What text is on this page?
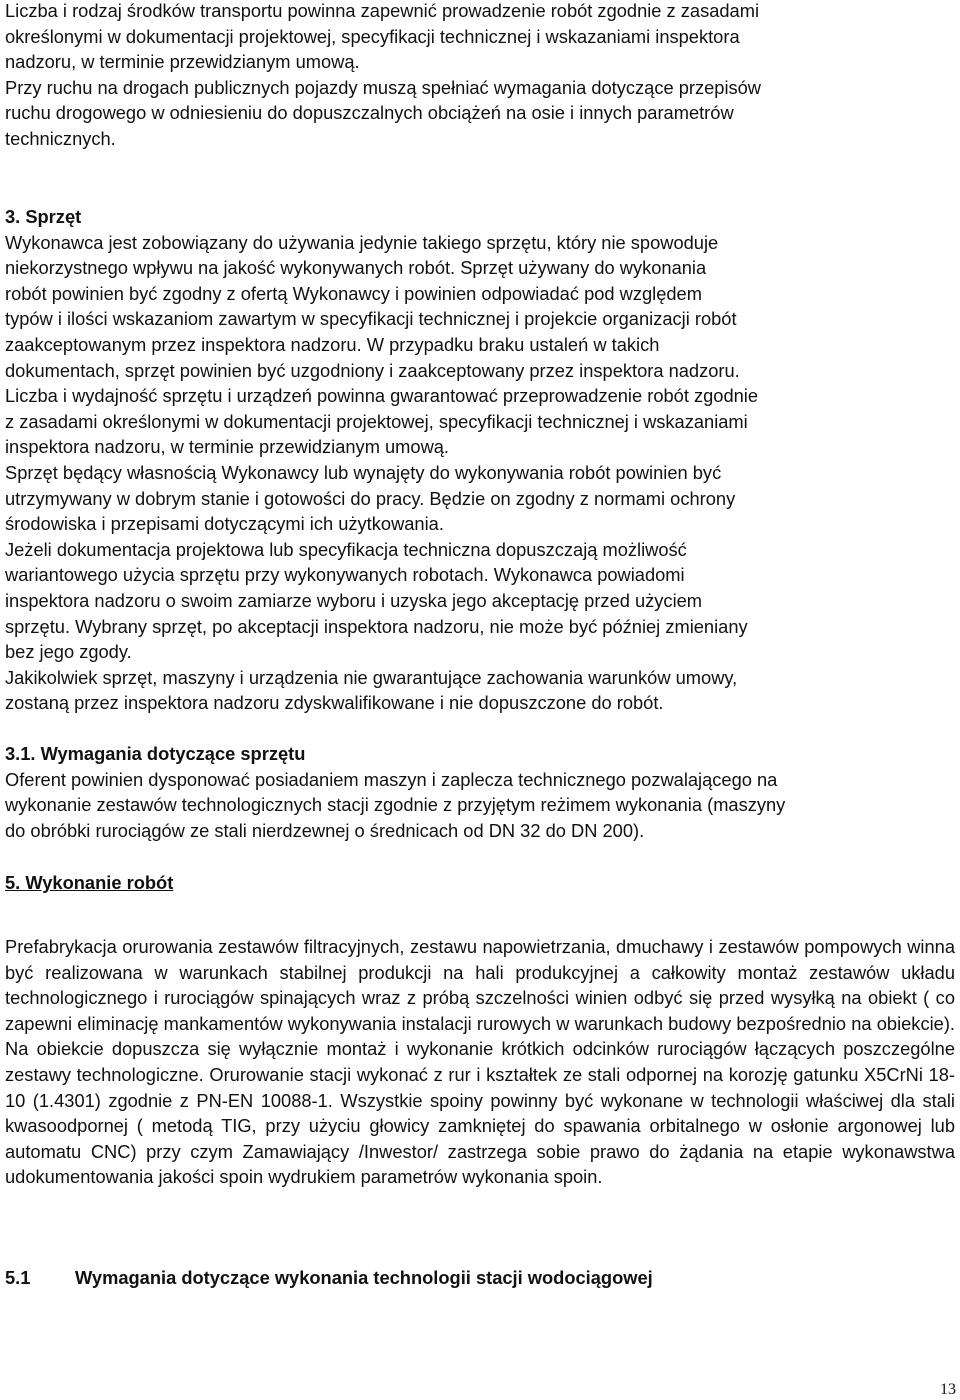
Liczba i rodzaj środków transportu powinna zapewnić prowadzenie robót zgodnie z zasadami
określonymi w dokumentacji projektowej, specyfikacji technicznej i wskazaniami inspektora
nadzoru, w terminie przewidzianym umową.
Przy ruchu na drogach publicznych pojazdy muszą spełniać wymagania dotyczące przepisów
ruchu drogowego w odniesieniu do dopuszczalnych obciążeń na osie i innych parametrów
technicznych.

3. Sprzęt
Wykonawca jest zobowiązany do używania jedynie takiego sprzętu, który nie spowoduje
niekorzystnego wpływu na jakość wykonywanych robót. Sprzęt używany do wykonania
robót powinien być zgodny z ofertą Wykonawcy i powinien odpowiadać pod względem
typów i ilości wskazaniom zawartym w specyfikacji technicznej i projekcie organizacji robót
zaakceptowanym przez inspektora nadzoru. W przypadku braku ustaleń w takich
dokumentach, sprzęt powinien być uzgodniony i zaakceptowany przez inspektora nadzoru.
Liczba i wydajność sprzętu i urządzeń powinna gwarantować przeprowadzenie robót zgodnie
z zasadami określonymi w dokumentacji projektowej, specyfikacji technicznej i wskazaniami
inspektora nadzoru, w terminie przewidzianym umową.
Sprzęt będący własnością Wykonawcy lub wynajęty do wykonywania robót powinien być
utrzymywany w dobrym stanie i gotowości do pracy. Będzie on zgodny z normami ochrony
środowiska i przepisami dotyczącymi ich użytkowania.
Jeżeli dokumentacja projektowa lub specyfikacja techniczna dopuszczają możliwość
wariantowego użycia sprzętu przy wykonywanych robotach. Wykonawca powiadomi
inspektora nadzoru o swoim zamiarze wyboru i uzyska jego akceptację przed użyciem
sprzętu. Wybrany sprzęt, po akceptacji inspektora nadzoru, nie może być później zmieniany
bez jego zgody.
Jakikolwiek sprzęt, maszyny i urządzenia nie gwarantujące zachowania warunków umowy,
zostaną przez inspektora nadzoru zdyskwalifikowane i nie dopuszczone do robót.

3.1. Wymagania dotyczące sprzętu
Oferent powinien dysponować posiadaniem maszyn i zaplecza technicznego pozwalającego na
wykonanie zestawów technologicznych stacji zgodnie z przyjętym reżimem wykonania (maszyny
do obróbki rurociągów ze stali nierdzewnej o średnicach od DN 32 do DN 200).

5. Wykonanie robót

Prefabrykacja orurowania zestawów filtracyjnych, zestawu napowietrzania, dmuchawy i zestawów pompowych winna być realizowana w warunkach stabilnej produkcji na hali produkcyjnej a całkowity montaż zestawów układu technologicznego i rurociągów spinających wraz z próbą szczelności winien odbyć się przed wysyłką na obiekt ( co zapewni eliminację mankamentów wykonywania instalacji rurowych w warunkach budowy bezpośrednio na obiekcie). Na obiekcie dopuszcza się wyłącznie montaż i wykonanie krótkich odcinków rurociągów łączących poszczególne zestawy technologiczne. Orurowanie stacji wykonać z rur i kształtek ze stali odpornej na korozję gatunku X5CrNi 18-10 (1.4301) zgodnie z PN-EN 10088-1. Wszystkie spoiny powinny być wykonane w technologii właściwej dla stali kwasoodpornej ( metodą TIG, przy użyciu głowicy zamkniętej do spawania orbitalnego w osłonie argonowej lub automatu CNC) przy czym Zamawiający /Inwestor/ zastrzega sobie prawo do żądania na etapie wykonawstwa udokumentowania jakości spoin wydrukiem parametrów wykonania spoin.

5.1 Wymagania dotyczące wykonania technologii stacji wodociągowej

13
